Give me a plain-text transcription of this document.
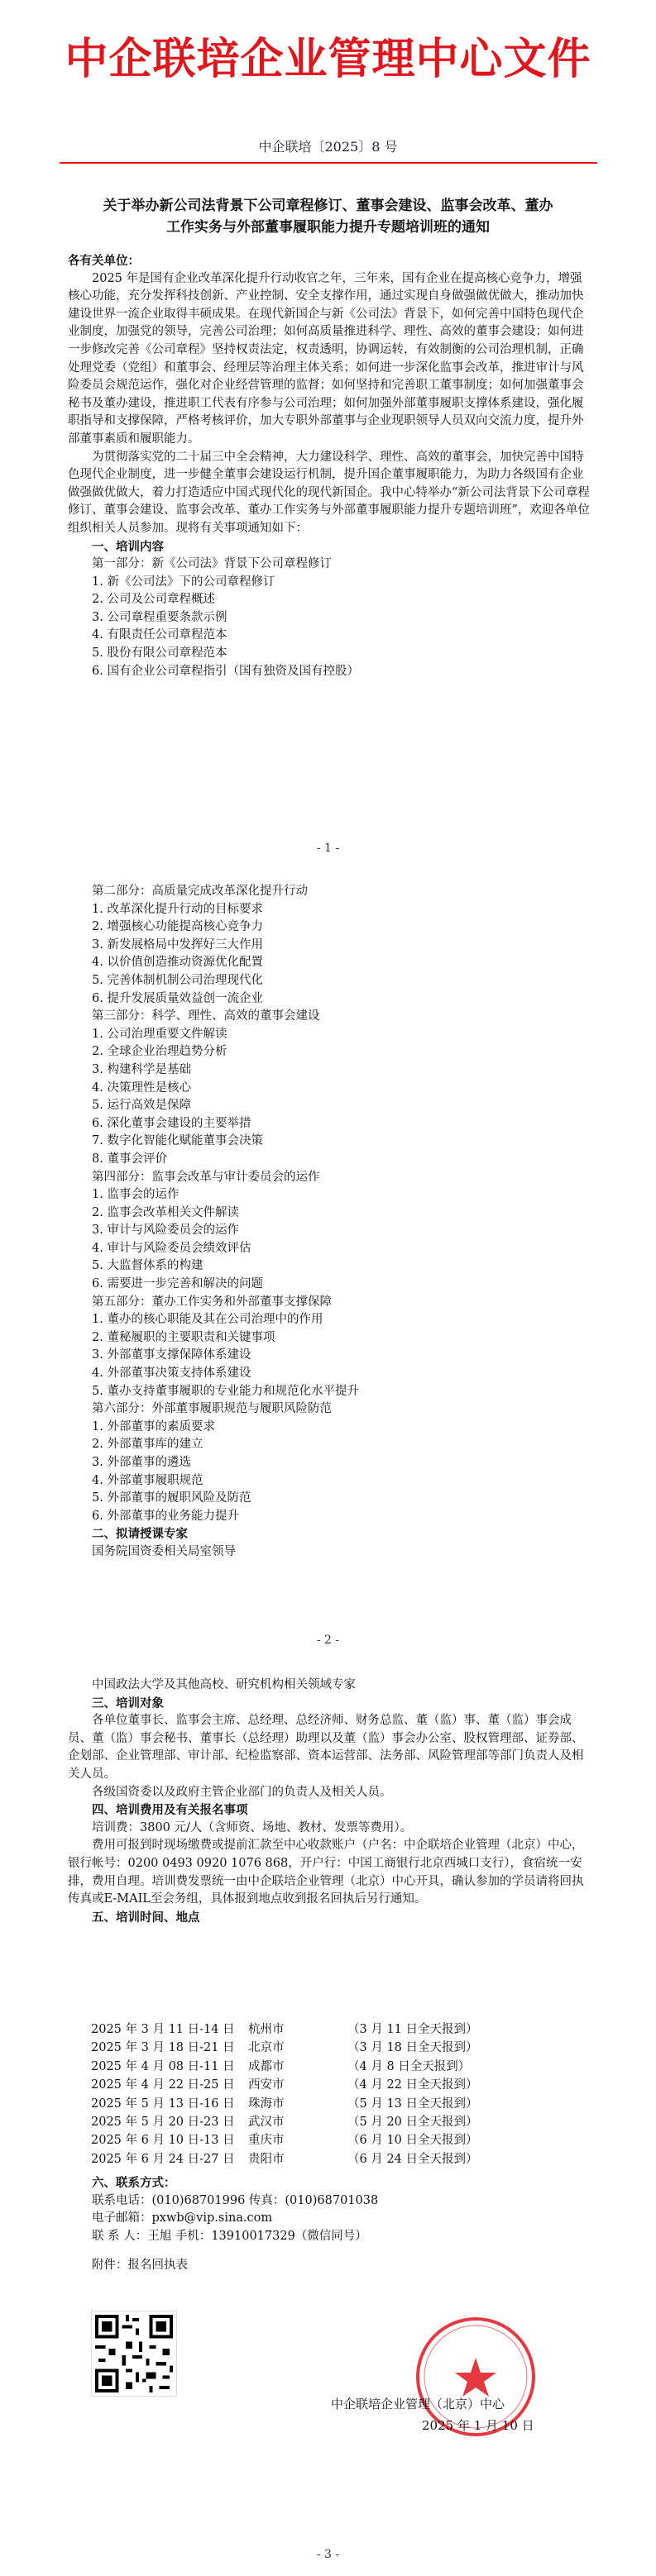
中企联培企业管理中心文件
中企联培〔2025〕8 号
关于举办新公司法背景下公司章程修订、董事会建设、监事会改革、董办
工作实务与外部董事履职能力提升专题培训班的通知

各有关单位：

2025 年是国有企业改革深化提升行动收官之年，三年来，国有企业在提高核心竞争力，增强核心功能，充分发挥科技创新、产业控制、安全支撑作用，通过实现自身做强做优做大，推动加快建设世界一流企业取得丰硕成果。在现代新国企与新《公司法》背景下，如何完善中国特色现代企业制度，加强党的领导，完善公司治理；如何高质量推进科学、理性、高效的董事会建设；如何进一步修改完善《公司章程》坚持权责法定，权责透明，协调运转，有效制衡的公司治理机制，正确处理党委（党组）和董事会、经理层等治理主体关系；如何进一步深化监事会改革，推进审计与风险委员会规范运作，强化对企业经营管理的监督；如何坚持和完善职工董事制度；如何加强董事会秘书及董办建设，推进职工代表有序参与公司治理；如何加强外部董事履职支撑体系建设，强化履职指导和支撑保障，严格考核评价，加大专职外部董事与企业现职领导人员双向交流力度，提升外部董事素质和履职能力。

为贯彻落实党的二十届三中全会精神，大力建设科学、理性、高效的董事会，加快完善中国特色现代企业制度，进一步健全董事会建设运行机制，提升国企董事履职能力，为助力各级国有企业做强做优做大，着力打造适应中国式现代化的现代新国企。我中心特举办“新公司法背景下公司章程修订、董事会建设、监事会改革、董办工作实务与外部董事履职能力提升专题培训班”，欢迎各单位组织相关人员参加。现将有关事项通知如下：

一、培训内容

第一部分：新《公司法》背景下公司章程修订

1. 新《公司法》下的公司章程修订

2. 公司及公司章程概述

3. 公司章程重要条款示例

4. 有限责任公司章程范本

5. 股份有限公司章程范本

6. 国有企业公司章程指引（国有独资及国有控股）

- 1 -

第二部分：高质量完成改革深化提升行动

1. 改革深化提升行动的目标要求

2. 增强核心功能提高核心竞争力

3. 新发展格局中发挥好三大作用

4. 以价值创造推动资源优化配置

5. 完善体制机制公司治理现代化

6. 提升发展质量效益创一流企业

第三部分：科学、理性、高效的董事会建设

1. 公司治理重要文件解读

2. 全球企业治理趋势分析

3. 构建科学是基础

4. 决策理性是核心

5. 运行高效是保障

6. 深化董事会建设的主要举措

7. 数字化智能化赋能董事会决策

8. 董事会评价

第四部分：监事会改革与审计委员会的运作

1. 监事会的运作

2. 监事会改革相关文件解读

3. 审计与风险委员会的运作

4. 审计与风险委员会绩效评估

5. 大监督体系的构建

6. 需要进一步完善和解决的问题

第五部分：董办工作实务和外部董事支撑保障

1. 董办的核心职能及其在公司治理中的作用

2. 董秘履职的主要职责和关键事项

3. 外部董事支撑保障体系建设

4. 外部董事决策支持体系建设

5. 董办支持董事履职的专业能力和规范化水平提升

第六部分：外部董事履职规范与履职风险防范

1. 外部董事的素质要求

2. 外部董事库的建立

3. 外部董事的遴选

4. 外部董事履职规范

5. 外部董事的履职风险及防范

6. 外部董事的业务能力提升

二、拟请授课专家

国务院国资委相关局室领导

- 2 -

中国政法大学及其他高校、研究机构相关领域专家

三、培训对象

各单位董事长、监事会主席、总经理、总经济师、财务总监、董（监）事、董（监）事会成员、董（监）事会秘书、董事长（总经理）助理以及董（监）事会办公室、股权管理部、证券部、企划部、企业管理部、审计部、纪检监察部、资本运营部、法务部、风险管理部等部门负责人及相关人员。

各级国资委以及政府主管企业部门的负责人及相关人员。

四、培训费用及有关报名事项

培训费：3800 元/人（含师资、场地、教材、发票等费用）。

费用可报到时现场缴费或提前汇款至中心收款账户（户名：中企联培企业管理（北京）中心，银行帐号：0200 0493 0920 1076 868，开户行：中国工商银行北京西城口支行），食宿统一安排，费用自理。培训费发票统一由中企联培企业管理（北京）中心开具，确认参加的学员请将回执传真或E-MAIL至会务组，具体报到地点收到报名回执后另行通知。

五、培训时间、地点

2025 年 3 月 11 日-14 日	杭州市	（3 月 11 日全天报到）
2025 年 3 月 18 日-21 日	北京市	（3 月 18 日全天报到）
2025 年 4 月 08 日-11 日	成都市	（4 月 8 日全天报到）
2025 年 4 月 22 日-25 日	西安市	（4 月 22 日全天报到）
2025 年 5 月 13 日-16 日	珠海市	（5 月 13 日全天报到）
2025 年 5 月 20 日-23 日	武汉市	（5 月 20 日全天报到）
2025 年 6 月 10 日-13 日	重庆市	（6 月 10 日全天报到）
2025 年 6 月 24 日-27 日	贵阳市	（6 月 24 日全天报到）

六、联系方式：

联系电话：(010)68701996 传真：(010)68701038

电子邮箱：pxwb@vip.sina.com

联 系 人：王旭 手机：13910017329（微信同号）

附件：报名回执表

中企联培企业管理（北京）中心
2025 年 1 月 10 日
- 3 -
